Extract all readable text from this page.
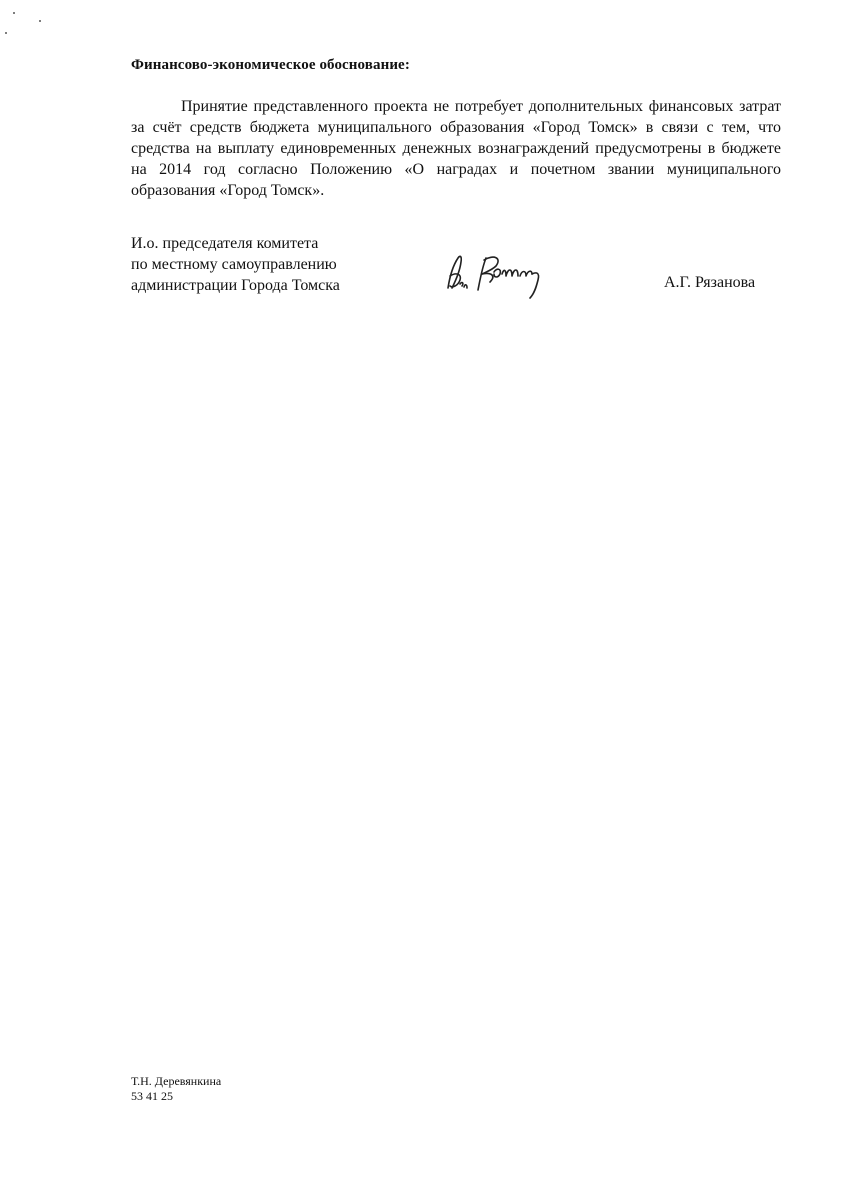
Финансово-экономическое обоснование:

Принятие представленного проекта не потребует дополнительных финансовых затрат за счёт средств бюджета муниципального образования «Город Томск» в связи с тем, что средства на выплату единовременных денежных вознаграждений предусмотрены в бюджете на 2014 год согласно Положению «О наградах и почетном звании муниципального образования «Город Томск».

И.о. председателя комитета
по местному самоуправлению
администрации Города Томска	А.Г. Рязанова
Т.Н. Деревянкина
53 41 25
